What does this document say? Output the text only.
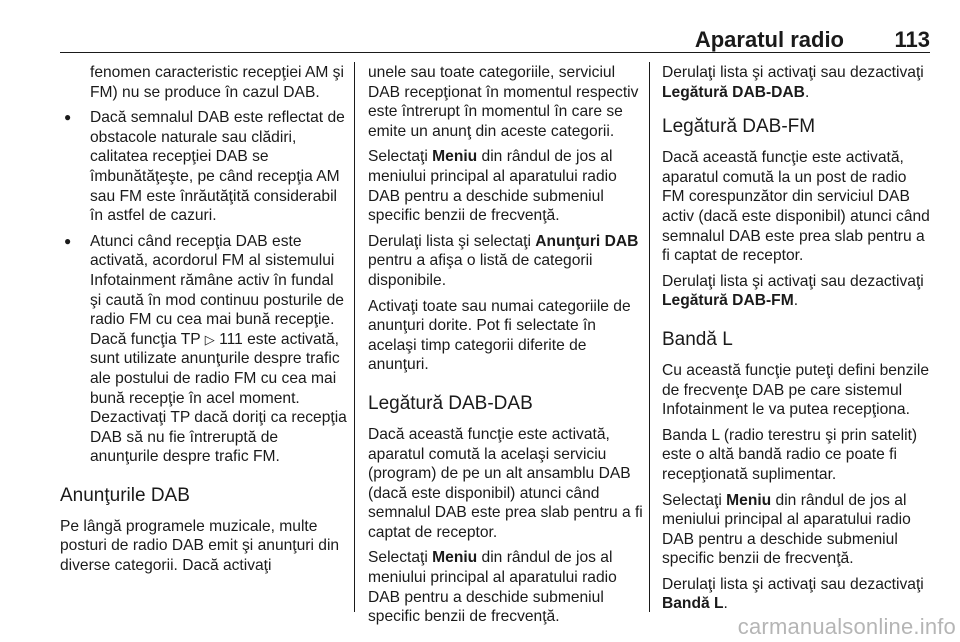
Aparatul radio 113
fenomen caracteristic recepţiei AM şi FM) nu se produce în cazul DAB.
● Dacă semnalul DAB este reflectat de obstacole naturale sau clădiri, calitatea recepţiei DAB se îmbunătăţeşte, pe când recepţia AM sau FM este înrăutăţită considerabil în astfel de cazuri.
● Atunci când recepţia DAB este activată, acordorul FM al sistemului Infotainment rămâne activ în fundal şi caută în mod continuu posturile de radio FM cu cea mai bună recepţie. Dacă funcţia TP ▷ 111 este activată, sunt utilizate anunţurile despre trafic ale postului de radio FM cu cea mai bună recepţie în acel moment. Dezactivaţi TP dacă doriţi ca recepţia DAB să nu fie întreruptă de anunţurile despre trafic FM.
Anunţurile DAB

Pe lângă programele muzicale, multe posturi de radio DAB emit şi anunţuri din diverse categorii. Dacă activaţi

unele sau toate categoriile, serviciul DAB recepţionat în momentul respectiv este întrerupt în momentul în care se emite un anunţ din aceste categorii.

Selectaţi Meniu din rândul de jos al meniului principal al aparatului radio DAB pentru a deschide submeniul specific benzii de frecvenţă.

Derulaţi lista şi selectaţi Anunţuri DAB pentru a afişa o listă de categorii disponibile.

Activaţi toate sau numai categoriile de anunţuri dorite. Pot fi selectate în acelaşi timp categorii diferite de anunţuri.

Legătură DAB-DAB

Dacă această funcţie este activată, aparatul comută la acelaşi serviciu (program) de pe un alt ansamblu DAB (dacă este disponibil) atunci când semnalul DAB este prea slab pentru a fi captat de receptor.

Selectaţi Meniu din rândul de jos al meniului principal al aparatului radio DAB pentru a deschide submeniul specific benzii de frecvenţă.

Derulaţi lista şi activaţi sau dezactivaţi Legătură DAB-DAB.

Legătură DAB-FM

Dacă această funcţie este activată, aparatul comută la un post de radio FM corespunzător din serviciul DAB activ (dacă este disponibil) atunci când semnalul DAB este prea slab pentru a fi captat de receptor.

Derulaţi lista şi activaţi sau dezactivaţi Legătură DAB-FM.

Bandă L

Cu această funcţie puteţi defini benzile de frecvenţe DAB pe care sistemul Infotainment le va putea recepţiona.

Banda L (radio terestru şi prin satelit) este o altă bandă radio ce poate fi recepţionată suplimentar.

Selectaţi Meniu din rândul de jos al meniului principal al aparatului radio DAB pentru a deschide submeniul specific benzii de frecvenţă.

Derulaţi lista şi activaţi sau dezactivaţi Bandă L.

carmanualsonline.info
